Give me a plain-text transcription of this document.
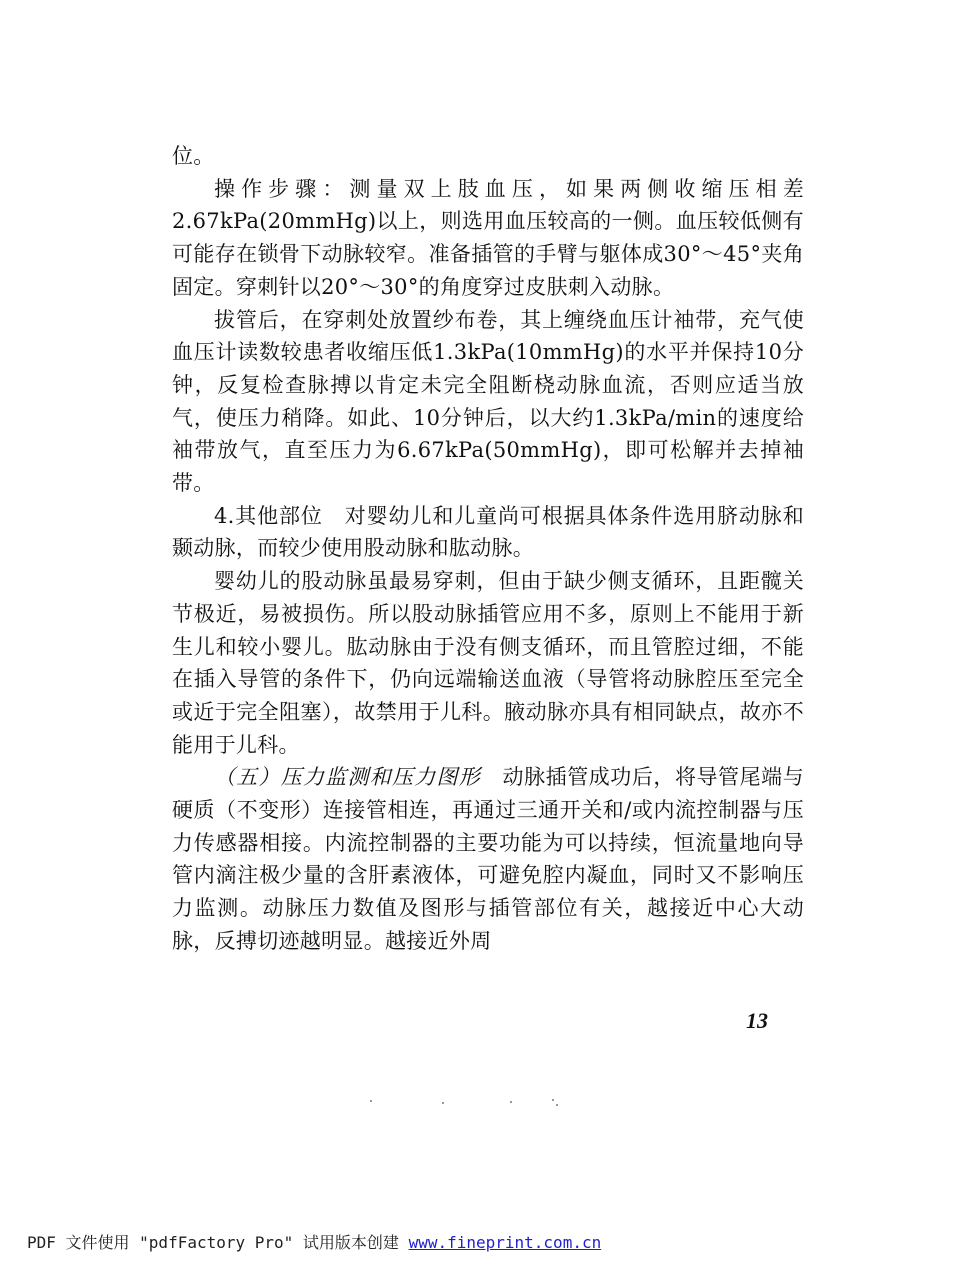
位。

操作步骤：测量双上肢血压，如果两侧收缩压相差2.67kPa(20mmHg)以上，则选用血压较高的一侧。血压较低侧有可能存在锁骨下动脉较窄。准备插管的手臂与躯体成30°～45°夹角固定。穿刺针以20°～30°的角度穿过皮肤刺入动脉。

拔管后，在穿刺处放置纱布卷，其上缠绕血压计袖带，充气使血压计读数较患者收缩压低1.3kPa(10mmHg)的水平并保持10分钟，反复检查脉搏以肯定未完全阻断桡动脉血流，否则应适当放气，使压力稍降。如此、10分钟后，以大约1.3kPa/min的速度给袖带放气，直至压力为6.67kPa(50mmHg)，即可松解并去掉袖带。

4.其他部位　对婴幼儿和儿童尚可根据具体条件选用脐动脉和颞动脉，而较少使用股动脉和肱动脉。

婴幼儿的股动脉虽最易穿刺，但由于缺少侧支循环，且距髋关节极近，易被损伤。所以股动脉插管应用不多，原则上不能用于新生儿和较小婴儿。肱动脉由于没有侧支循环，而且管腔过细，不能在插入导管的条件下，仍向远端输送血液（导管将动脉腔压至完全或近于完全阻塞），故禁用于儿科。腋动脉亦具有相同缺点，故亦不能用于儿科。

（五）压力监测和压力图形　动脉插管成功后，将导管尾端与硬质（不变形）连接管相连，再通过三通开关和/或内流控制器与压力传感器相接。内流控制器的主要功能为可以持续，恒流量地向导管内滴注极少量的含肝素液体，可避免腔内凝血，同时又不影响压力监测。动脉压力数值及图形与插管部位有关，越接近中心大动脉，反搏切迹越明显。越接近外周

13

PDF 文件使用 "pdfFactory Pro" 试用版本创建 www.fineprint.com.cn
